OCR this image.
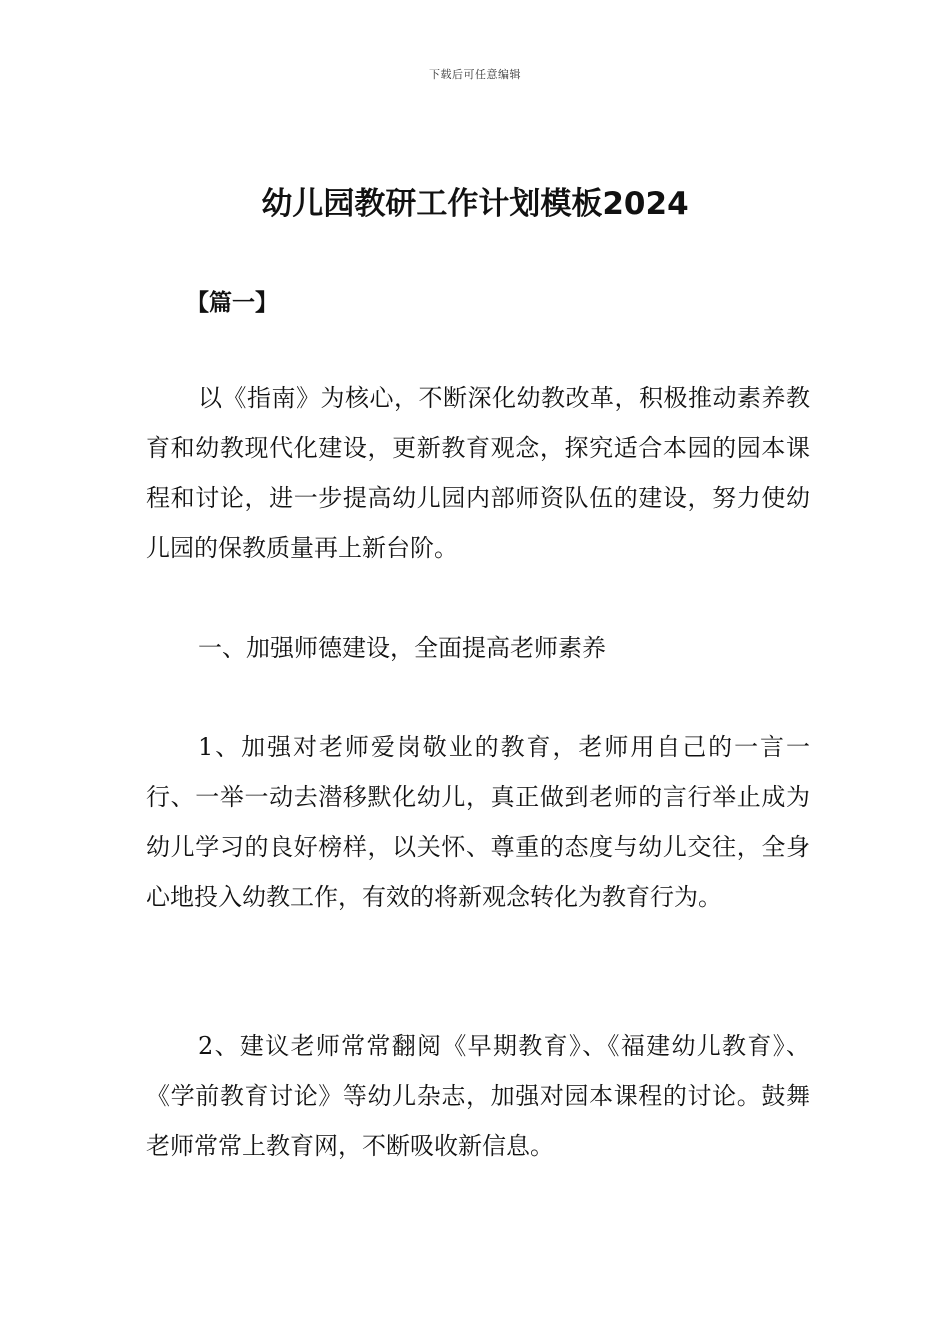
下载后可任意编辑
幼儿园教研工作计划模板2024
【篇一】

以《指南》为核心，不断深化幼教改革，积极推动素养教育和幼教现代化建设，更新教育观念，探究适合本园的园本课程和讨论，进一步提高幼儿园内部师资队伍的建设，努力使幼儿园的保教质量再上新台阶。

一、加强师德建设，全面提高老师素养

1、加强对老师爱岗敬业的教育，老师用自己的一言一行、一举一动去潜移默化幼儿，真正做到老师的言行举止成为幼儿学习的良好榜样，以关怀、尊重的态度与幼儿交往，全身心地投入幼教工作，有效的将新观念转化为教育行为。

2、建议老师常常翻阅《早期教育》、《福建幼儿教育》、《学前教育讨论》等幼儿杂志，加强对园本课程的讨论。鼓舞老师常常上教育网，不断吸收新信息。
